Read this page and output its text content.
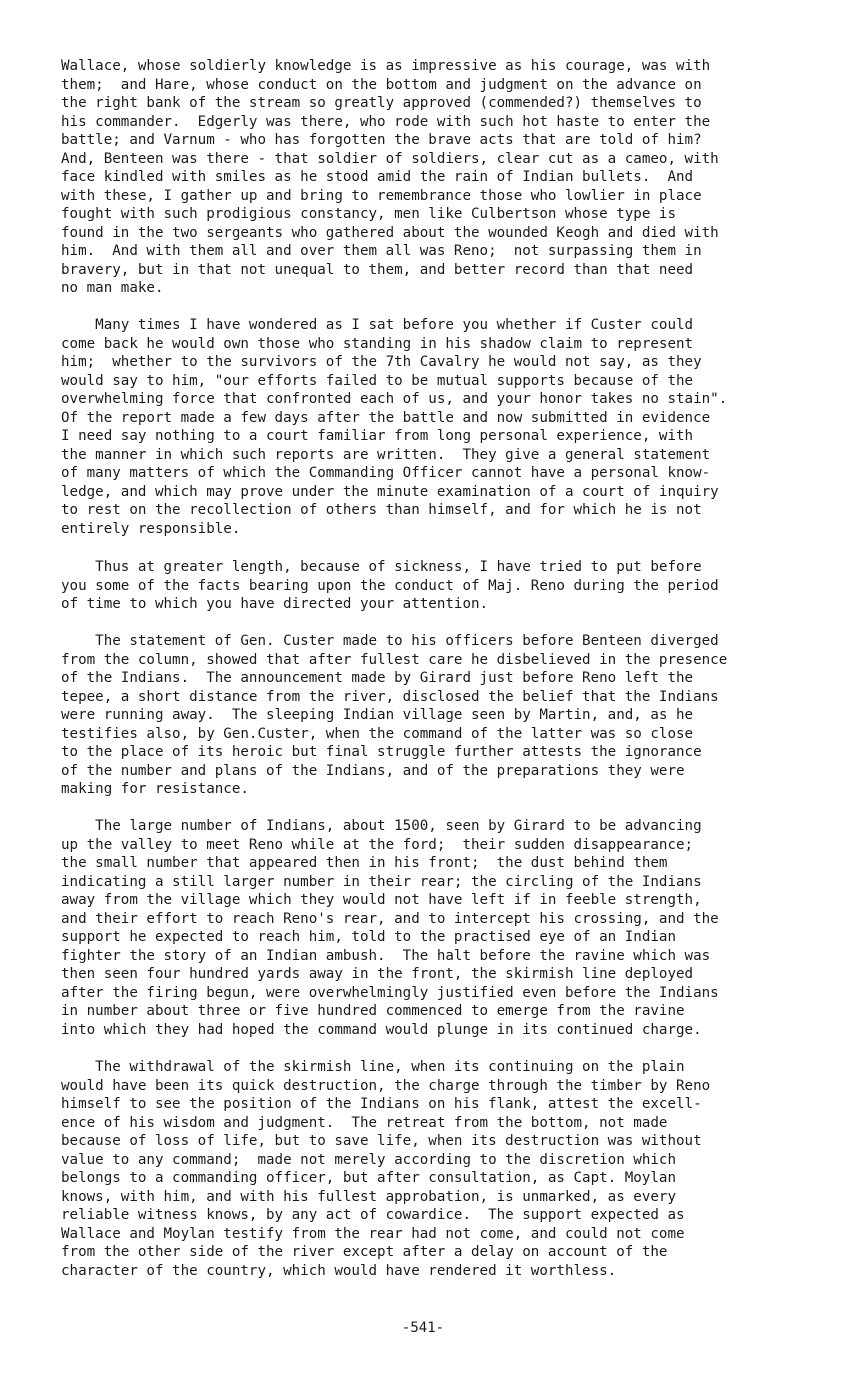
Wallace, whose soldierly knowledge is as impressive as his courage, was with
them;  and Hare, whose conduct on the bottom and judgment on the advance on
the right bank of the stream so greatly approved (commended?) themselves to
his commander.  Edgerly was there, who rode with such hot haste to enter the
battle; and Varnum - who has forgotten the brave acts that are told of him?
And, Benteen was there - that soldier of soldiers, clear cut as a cameo, with
face kindled with smiles as he stood amid the rain of Indian bullets.  And
with these, I gather up and bring to remembrance those who lowlier in place
fought with such prodigious constancy, men like Culbertson whose type is
found in the two sergeants who gathered about the wounded Keogh and died with
him.  And with them all and over them all was Reno;  not surpassing them in
bravery, but in that not unequal to them, and better record than that need
no man make.
Many times I have wondered as I sat before you whether if Custer could
come back he would own those who standing in his shadow claim to represent
him;  whether to the survivors of the 7th Cavalry he would not say, as they
would say to him, "our efforts failed to be mutual supports because of the
overwhelming force that confronted each of us, and your honor takes no stain".
Of the report made a few days after the battle and now submitted in evidence
I need say nothing to a court familiar from long personal experience, with
the manner in which such reports are written.  They give a general statement
of many matters of which the Commanding Officer cannot have a personal know-
ledge, and which may prove under the minute examination of a court of inquiry
to rest on the recollection of others than himself, and for which he is not
entirely responsible.
Thus at greater length, because of sickness, I have tried to put before
you some of the facts bearing upon the conduct of Maj. Reno during the period
of time to which you have directed your attention.
The statement of Gen. Custer made to his officers before Benteen diverged
from the column, showed that after fullest care he disbelieved in the presence
of the Indians.  The announcement made by Girard just before Reno left the
tepee, a short distance from the river, disclosed the belief that the Indians
were running away.  The sleeping Indian village seen by Martin, and, as he
testifies also, by Gen.Custer, when the command of the latter was so close
to the place of its heroic but final struggle further attests the ignorance
of the number and plans of the Indians, and of the preparations they were
making for resistance.
The large number of Indians, about 1500, seen by Girard to be advancing
up the valley to meet Reno while at the ford;  their sudden disappearance;
the small number that appeared then in his front;  the dust behind them
indicating a still larger number in their rear; the circling of the Indians
away from the village which they would not have left if in feeble strength,
and their effort to reach Reno's rear, and to intercept his crossing, and the
support he expected to reach him, told to the practised eye of an Indian
fighter the story of an Indian ambush.  The halt before the ravine which was
then seen four hundred yards away in the front, the skirmish line deployed
after the firing begun, were overwhelmingly justified even before the Indians
in number about three or five hundred commenced to emerge from the ravine
into which they had hoped the command would plunge in its continued charge.
The withdrawal of the skirmish line, when its continuing on the plain
would have been its quick destruction, the charge through the timber by Reno
himself to see the position of the Indians on his flank, attest the excell-
ence of his wisdom and judgment.  The retreat from the bottom, not made
because of loss of life, but to save life, when its destruction was without
value to any command;  made not merely according to the discretion which
belongs to a commanding officer, but after consultation, as Capt. Moylan
knows, with him, and with his fullest approbation, is unmarked, as every
reliable witness knows, by any act of cowardice.  The support expected as
Wallace and Moylan testify from the rear had not come, and could not come
from the other side of the river except after a delay on account of the
character of the country, which would have rendered it worthless.
-541-
